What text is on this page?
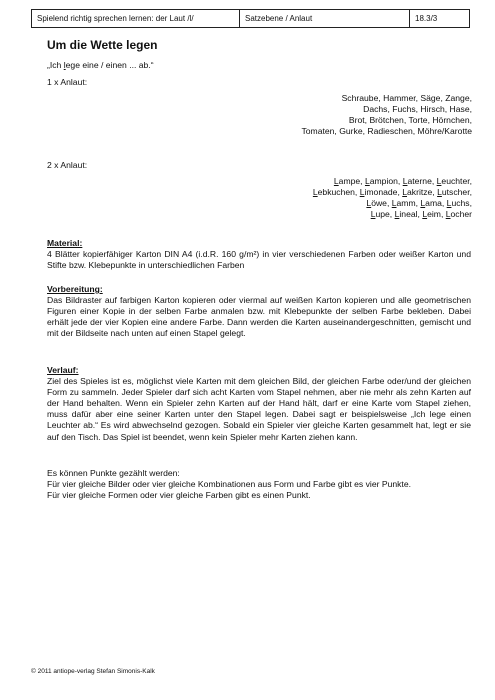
Spielend richtig sprechen lernen: der Laut /l/	Satzebene / Anlaut	18.3/3
Um die Wette legen
„Ich lege eine / einen ... ab.“
1 x Anlaut:
Schraube, Hammer, Säge, Zange,
Dachs, Fuchs, Hirsch, Hase,
Brot, Brötchen, Torte, Hörnchen,
Tomaten, Gurke, Radieschen, Möhre/Karotte
2 x Anlaut:
Lampe, Lampion, Laterne, Leuchter,
Lebkuchen, Limonade, Lakritze, Lutscher,
Löwe, Lamm, Lama, Luchs,
Lupe, Lineal, Leim, Locher
Material:
4 Blätter kopierfähiger Karton DIN A4 (i.d.R. 160 g/m²) in vier verschiedenen Farben oder weißer Karton und Stifte bzw. Klebepunkte in unterschiedlichen Farben
Vorbereitung:
Das Bildraster auf farbigen Karton kopieren oder viermal auf weißen Karton kopieren und alle geometrischen Figuren einer Kopie in der selben Farbe anmalen bzw. mit Klebepunkte der selben Farbe bekleben. Dabei erhält jede der vier Kopien eine andere Farbe. Dann werden die Karten auseinandergeschnitten, gemischt und mit der Bildseite nach unten auf einen Stapel gelegt.
Verlauf:
Ziel des Spieles ist es, möglichst viele Karten mit dem gleichen Bild, der gleichen Farbe oder/und der gleichen Form zu sammeln. Jeder Spieler darf sich acht Karten vom Stapel nehmen, aber nie mehr als zehn Karten auf der Hand behalten. Wenn ein Spieler zehn Karten auf der Hand hält, darf er eine Karte vom Stapel ziehen, muss dafür aber eine seiner Karten unter den Stapel legen. Dabei sagt er beispielsweise „Ich lege einen Leuchter ab.“ Es wird abwechselnd gezogen. Sobald ein Spieler vier gleiche Karten gesammelt hat, legt er sie auf den Tisch. Das Spiel ist beendet, wenn kein Spieler mehr Karten ziehen kann.
Es können Punkte gezählt werden:
Für vier gleiche Bilder oder vier gleiche Kombinationen aus Form und Farbe gibt es vier Punkte.
Für vier gleiche Formen oder vier gleiche Farben gibt es einen Punkt.
© 2011 antiope-verlag Stefan Simonis-Kalk
